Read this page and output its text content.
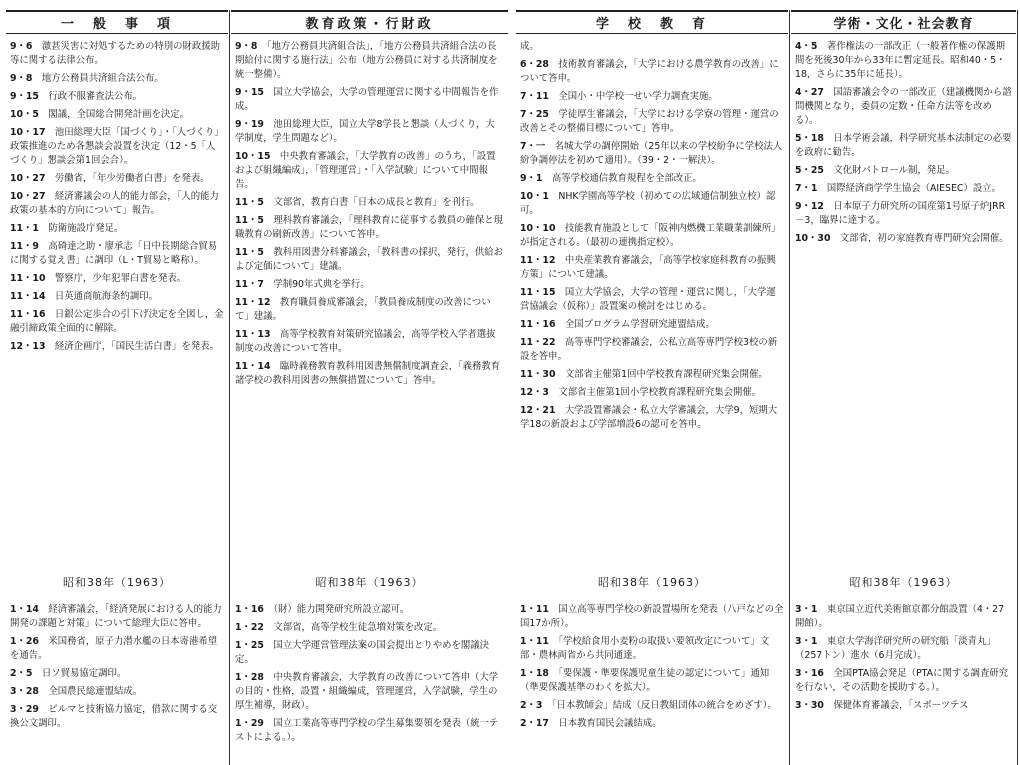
一　般　事　項	教育政策・行財政	学　校　教　育	学術・文化・社会教育
9・6　 激甚災害に対処するための特別の財政援助等に関する法律公布。
9・8　 地方公務員共済組合法公布。
9・15　 行政不服審査法公布。
10・5　 閣議，全国総合開発計画を決定。
10・17　 池田総理大臣「国づくり」・「人づくり」政策推進のため各懇談会設置を決定（12・5「人づくり」懇談会第1回会合）。
10・27　 労働省，「年少労働者白書」を発表。
10・27　 経済審議会の人的能力部会，「人的能力政策の基本的方向について」報告。
11・1　 防衛施設庁発足。
11・9　 高碕達之助・廖承志「日中長期総合貿易に関する覚え書」に調印（L・T貿易と略称）。
11・10　 警察庁，少年犯罪白書を発表。
11・14　 日英通商航海条約調印。
11・16　 日銀公定歩合の引下げ決定を全図し，金融引締政策全面的に解除。
12・13　 経済企画庁，「国民生活白書」を発表。
昭和38年（1963）
1・14　 経済審議会，「経済発展における人的能力開発の課題と対策」について総理大臣に答申。
1・26　 米国務省，原子力潜水艦の日本寄港希望を通告。
2・5　 日ソ貿易協定調印。
3・28　 全国農民総連盟結成。
3・29　 ビルマと技術協力協定，借款に関する交換公文調印。
9・8　 「地方公務員共済組合法」，「地方公務員共済組合法の長期給付に関する施行法」公布（地方公務員に対する共済制度を統一整備）。
9・15　 国立大学協会，大学の管理運営に関する中間報告を作成。
9・19　 池田総理大臣，国立大学8学長と懇談（人づくり，大学制度，学生問題など）。
10・15　 中央教育審議会，「大学教育の改善」のうち，「設置および組織編成」，「管理運営」・「入学試験」について中間報告。
11・5　 文部省，教育白書「日本の成長と教育」を刊行。
11・5　 理科教育審議会，「理科教育に従事する教員の確保と現職教育の刷新改善」について答申。
11・5　 教科用図書分科審議会，「教科書の採択，発行，供給および定価について」建議。
11・7　 学制90年式典を挙行。
11・12　 教育職員養成審議会，「教員養成制度の改善について」建議。
11・13　 高等学校教育対策研究協議会，高等学校入学者選抜制度の改善について答申。
11・14　 臨時義務教育教科用図書無償制度調査会，「義務教育諸学校の教科用図書の無償措置について」答申。
昭和38年（1963）
1・16　 （財）能力開発研究所設立認可。
1・22　 文部省，高等学校生徒急増対策を改定。
1・25　 国立大学運営管理法案の国会提出とりやめを閣議決定。
1・28　 中央教育審議会，大学教育の改善について答申（大学の目的・性格，設置・組織編成，管理運営，入学試験，学生の厚生補導，財政）。
1・29　 国立工業高等専門学校の学生募集要領を発表（統一テストによる。）。
成。
6・28　 技術教育審議会，「大学における農学教育の改善」について答申。
7・11　 全国小・中学校一せい学力調査実施。
7・25　 学徒厚生審議会，「大学における学寮の管理・運営の改善とその整備目標について」答申。
7・一　 名城大学の調停開始（25年以来の学校紛争に学校法人紛争調停法を初めて適用）。（39・2・一解決）。
9・1　 高等学校通信教育規程を全部改正。
10・1　 NHK学園高等学校（初めての広域通信制独立校）認可。
10・10　 技能教育施設として「阪神内燃機工業職業訓練所」が指定される。（最初の連携指定校）。
11・12　 中央産業教育審議会，「高等学校家庭科教育の振興方策」について建議。
11・15　 国立大学協会，大学の管理・運営に関し，「大学運営協議会（仮称）」設置案の検討をはじめる。
11・16　 全国プログラム学習研究連盟結成。
11・22　 高等専門学校審議会，公私立高等専門学校3校の新設を答申。
11・30　 文部省主催第1回中学校教育課程研究集会開催。
12・3　 文部省主催第1回小学校教育課程研究集会開催。
12・21　 大学設置審議会・私立大学審議会，大学9，短期大学18の新設および学部増設6の認可を答申。
昭和38年（1963）
1・11　 国立高等専門学校の新設置場所を発表（八戸などの全国17か所）。
1・11　 「学校給食用小麦粉の取扱い要領改定について」文部・農林両省から共同通達。
1・18　 「要保護・準要保護児童生徒の認定について」通知（準要保護基準のわくを拡大）。
2・3　 「日本教師会」結成（反日教組団体の統合をめざす）。
2・17　 日本教育国民会議結成。
4・5　 著作権法の一部改正（一般著作権の保護期間を死後30年から33年に暫定延長。昭和40・5・18，さらに35年に延長）。
4・27　 国語審議会令の一部改正（建議機関から諮問機関となり，委員の定数・任命方法等を改める）。
5・18　 日本学術会議，科学研究基本法制定の必要を政府に勧告。
5・25　 文化財パトロール制，発足。
7・1　 国際経済商学学生協会（AIESEC）設立。
9・12　 日本原子力研究所の国産第1号原子炉JRR－3，臨界に達する。
10・30　 文部省，初の家庭教育専門研究会開催。
昭和38年（1963）
3・1　 東京国立近代美術館京都分館設置（4・27開館）。
3・1　 東京大学海洋研究所の研究船「淡青丸」（257トン）進水（6月完成）。
3・16　 全国PTA協会発足（PTAに関する調査研究を行ない，その活動を援助する。）。
3・30　 保健体育審議会，「スポーツテス
